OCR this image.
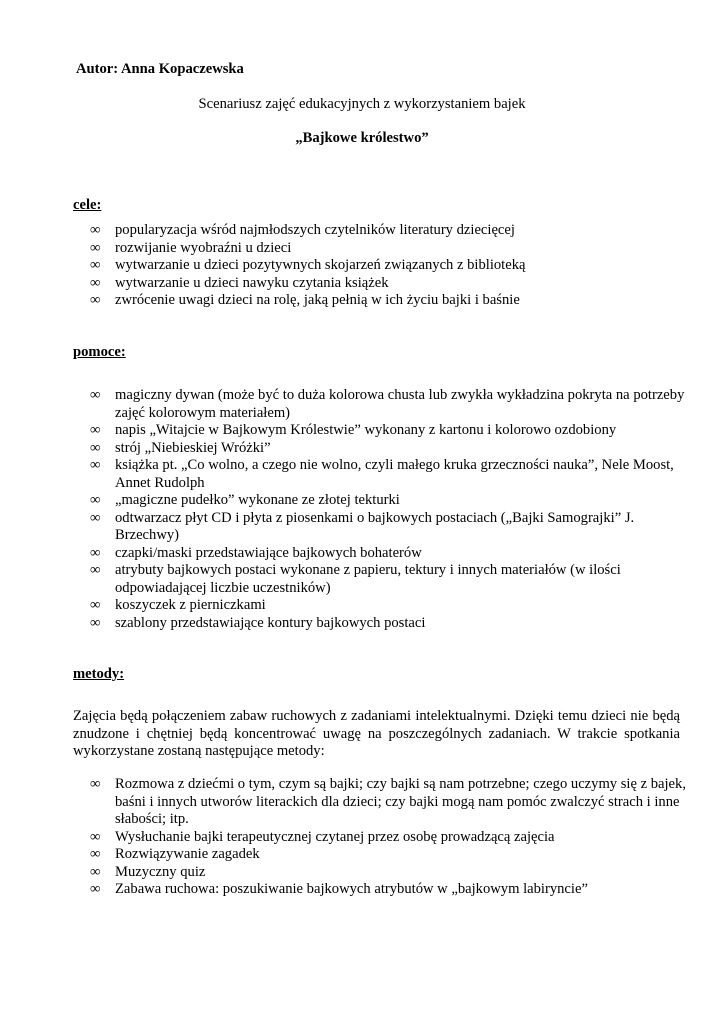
Autor: Anna Kopaczewska
Scenariusz zajęć edukacyjnych z wykorzystaniem bajek
„Bajkowe królestwo”
cele:
∞ popularyzacja wśród najmłodszych czytelników literatury dziecięcej
∞ rozwijanie wyobraźni u dzieci
∞ wytwarzanie u dzieci pozytywnych skojarzeń związanych z biblioteką
∞ wytwarzanie u dzieci nawyku czytania książek
∞ zwrócenie uwagi dzieci na rolę, jaką pełnią w ich życiu bajki i baśnie
pomoce:
∞ magiczny dywan (może być to duża kolorowa chusta lub zwykła wykładzina pokryta na potrzeby zajęć kolorowym materiałem)
∞ napis „Witajcie w Bajkowym Królestwie” wykonany z kartonu i kolorowo ozdobiony
∞ strój „Niebieskiej Wróżki”
∞ książka pt. „Co wolno, a czego nie wolno, czyli małego kruka grzeczności nauka”, Nele Moost, Annet Rudolph
∞ „magiczne pudełko” wykonane ze złotej tekturki
∞ odtwarzacz płyt CD i płyta z piosenkami o bajkowych postaciach („Bajki Samograjki” J. Brzechwy)
∞ czapki/maski przedstawiające bajkowych bohaterów
∞ atrybuty bajkowych postaci wykonane z papieru, tektury i innych materiałów (w ilości odpowiadającej liczbie uczestników)
∞ koszyczek z pierniczkami
∞ szablony przedstawiające kontury bajkowych postaci
metody:
Zajęcia będą połączeniem zabaw ruchowych z zadaniami intelektualnymi. Dzięki temu dzieci nie będą znudzone i chętniej będą koncentrować uwagę na poszczególnych zadaniach. W trakcie spotkania wykorzystane zostaną następujące metody:
∞ Rozmowa z dziećmi o tym, czym są bajki; czy bajki są nam potrzebne; czego uczymy się z bajek, baśni i innych utworów literackich dla dzieci; czy bajki mogą nam pomóc zwalczyć strach i inne słabości; itp.
∞ Wysłuchanie bajki terapeutycznej czytanej przez osobę prowadzącą zajęcia
∞ Rozwiązywanie zagadek
∞ Muzyczny quiz
∞ Zabawa ruchowa: poszukiwanie bajkowych atrybutów w „bajkowym labiryncie”
